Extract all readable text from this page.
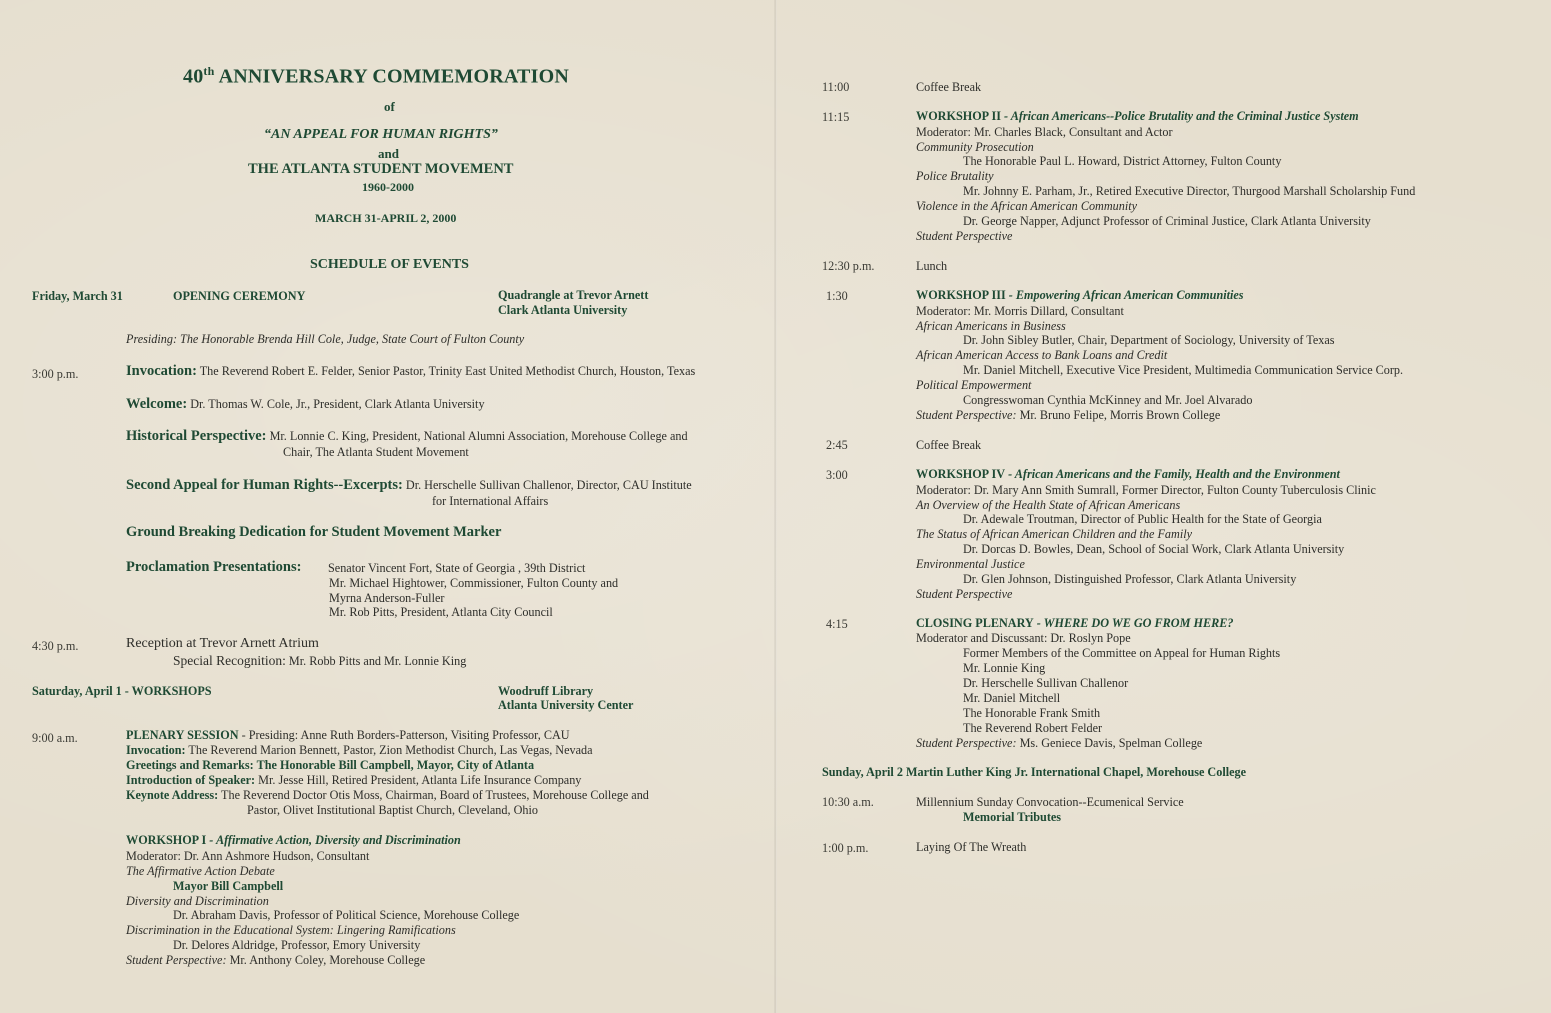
40th ANNIVERSARY COMMEMORATION
of
“AN APPEAL FOR HUMAN RIGHTS”
and
THE ATLANTA STUDENT MOVEMENT
1960-2000
MARCH 31-APRIL 2, 2000
SCHEDULE OF EVENTS
Friday, March 31	OPENING CEREMONY	Quadrangle at Trevor Arnett
Clark Atlanta University
Presiding: The Honorable Brenda Hill Cole, Judge, State Court of Fulton County
3:00 p.m.	Invocation: The Reverend Robert E. Felder, Senior Pastor, Trinity East United Methodist Church, Houston, Texas
Welcome: Dr. Thomas W. Cole, Jr., President, Clark Atlanta University
Historical Perspective: Mr. Lonnie C. King, President, National Alumni Association, Morehouse College and
Chair, The Atlanta Student Movement
Second Appeal for Human Rights--Excerpts: Dr. Herschelle Sullivan Challenor, Director, CAU Institute
for International Affairs
Ground Breaking Dedication for Student Movement Marker
Proclamation Presentations: Senator Vincent Fort, State of Georgia , 39th District
Mr. Michael Hightower, Commissioner, Fulton County and
Myrna Anderson-Fuller
Mr. Rob Pitts, President, Atlanta City Council
4:30 p.m.	Reception at Trevor Arnett Atrium
Special Recognition: Mr. Robb Pitts and Mr. Lonnie King
Saturday, April 1 - WORKSHOPS	Woodruff Library
Atlanta University Center
9:00 a.m.	PLENARY SESSION - Presiding: Anne Ruth Borders-Patterson, Visiting Professor, CAU
Invocation: The Reverend Marion Bennett, Pastor, Zion Methodist Church, Las Vegas, Nevada
Greetings and Remarks: The Honorable Bill Campbell, Mayor, City of Atlanta
Introduction of Speaker: Mr. Jesse Hill, Retired President, Atlanta Life Insurance Company
Keynote Address: The Reverend Doctor Otis Moss, Chairman, Board of Trustees, Morehouse College and
Pastor, Olivet Institutional Baptist Church, Cleveland, Ohio
WORKSHOP I - Affirmative Action, Diversity and Discrimination
Moderator: Dr. Ann Ashmore Hudson, Consultant
The Affirmative Action Debate
Mayor Bill Campbell
Diversity and Discrimination
Dr. Abraham Davis, Professor of Political Science, Morehouse College
Discrimination in the Educational System: Lingering Ramifications
Dr. Delores Aldridge, Professor, Emory University
Student Perspective: Mr. Anthony Coley, Morehouse College
11:00	Coffee Break
11:15	WORKSHOP II - African Americans--Police Brutality and the Criminal Justice System
Moderator: Mr. Charles Black, Consultant and Actor
Community Prosecution
The Honorable Paul L. Howard, District Attorney, Fulton County
Police Brutality
Mr. Johnny E. Parham, Jr., Retired Executive Director, Thurgood Marshall Scholarship Fund
Violence in the African American Community
Dr. George Napper, Adjunct Professor of Criminal Justice, Clark Atlanta University
Student Perspective
12:30 p.m.	Lunch
1:30	WORKSHOP III - Empowering African American Communities
Moderator: Mr. Morris Dillard, Consultant
African Americans in Business
Dr. John Sibley Butler, Chair, Department of Sociology, University of Texas
African American Access to Bank Loans and Credit
Mr. Daniel Mitchell, Executive Vice President, Multimedia Communication Service Corp.
Political Empowerment
Congresswoman Cynthia McKinney and Mr. Joel Alvarado
Student Perspective: Mr. Bruno Felipe, Morris Brown College
2:45	Coffee Break
3:00	WORKSHOP IV - African Americans and the Family, Health and the Environment
Moderator: Dr. Mary Ann Smith Sumrall, Former Director, Fulton County Tuberculosis Clinic
An Overview of the Health State of African Americans
Dr. Adewale Troutman, Director of Public Health for the State of Georgia
The Status of African American Children and the Family
Dr. Dorcas D. Bowles, Dean, School of Social Work, Clark Atlanta University
Environmental Justice
Dr. Glen Johnson, Distinguished Professor, Clark Atlanta University
Student Perspective
4:15	CLOSING PLENARY - WHERE DO WE GO FROM HERE?
Moderator and Discussant: Dr. Roslyn Pope
Former Members of the Committee on Appeal for Human Rights
Mr. Lonnie King
Dr. Herschelle Sullivan Challenor
Mr. Daniel Mitchell
The Honorable Frank Smith
The Reverend Robert Felder
Student Perspective: Ms. Geniece Davis, Spelman College
Sunday, April 2 Martin Luther King Jr. International Chapel, Morehouse College
10:30 a.m.	Millennium Sunday Convocation--Ecumenical Service
Memorial Tributes
1:00 p.m.	Laying Of The Wreath
